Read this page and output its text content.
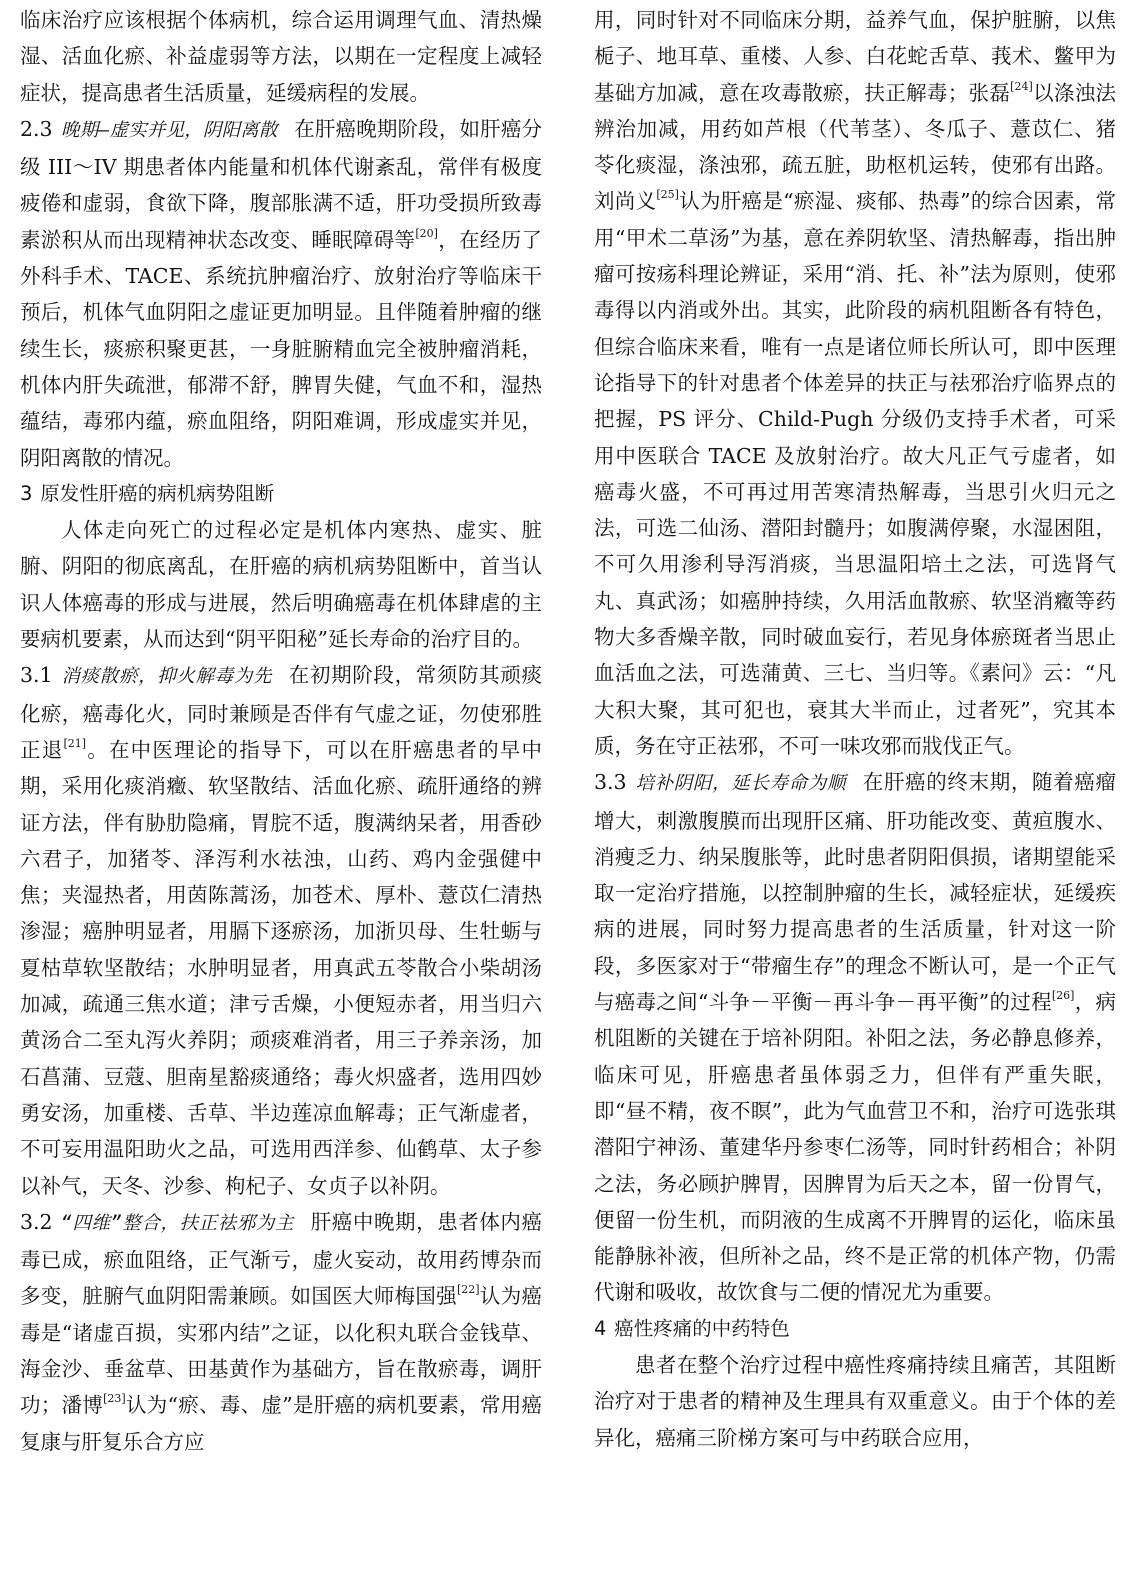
临床治疗应该根据个体病机，综合运用调理气血、清热燥湿、活血化瘀、补益虚弱等方法，以期在一定程度上减轻症状，提高患者生活质量，延缓病程的发展。

2.3 晚期—虚实并见，阴阳离散 在肝癌晚期阶段，如肝癌分级 III～IV 期患者体内能量和机体代谢紊乱，常伴有极度疲倦和虚弱，食欲下降，腹部胀满不适，肝功受损所致毒素淤积从而出现精神状态改变、睡眠障碍等[20]，在经历了外科手术、TACE、系统抗肿瘤治疗、放射治疗等临床干预后，机体气血阴阳之虚证更加明显。且伴随着肿瘤的继续生长，痰瘀积聚更甚，一身脏腑精血完全被肿瘤消耗，机体内肝失疏泄，郁滞不舒，脾胃失健，气血不和，湿热蕴结，毒邪内蕴，瘀血阻络，阴阳难调，形成虚实并见，阴阳离散的情况。

3 原发性肝癌的病机病势阻断

人体走向死亡的过程必定是机体内寒热、虚实、脏腑、阴阳的彻底离乱，在肝癌的病机病势阻断中，首当认识人体癌毒的形成与进展，然后明确癌毒在机体肆虐的主要病机要素，从而达到“阴平阳秘”延长寿命的治疗目的。

3.1 消痰散瘀，抑火解毒为先 在初期阶段，常须防其顽痰化瘀，癌毒化火，同时兼顾是否伴有气虚之证，勿使邪胜正退[21]。在中医理论的指导下，可以在肝癌患者的早中期，采用化痰消癥、软坚散结、活血化瘀、疏肝通络的辨证方法，伴有胁肋隐痛，胃脘不适，腹满纳呆者，用香砂六君子，加猪苓、泽泻利水祛浊，山药、鸡内金强健中焦；夹湿热者，用茵陈蒿汤，加苍术、厚朴、薏苡仁清热渗湿；癌肿明显者，用膈下逐瘀汤，加浙贝母、生牡蛎与夏枯草软坚散结；水肿明显者，用真武五苓散合小柴胡汤加减，疏通三焦水道；津亏舌燥，小便短赤者，用当归六黄汤合二至丸泻火养阴；顽痰难消者，用三子养亲汤，加石菖蒲、豆蔻、胆南星豁痰通络；毒火炽盛者，选用四妙勇安汤，加重楼、舌草、半边莲凉血解毒；正气渐虚者，不可妄用温阳助火之品，可选用西洋参、仙鹤草、太子参以补气，天冬、沙参、枸杞子、女贞子以补阴。

3.2 “四维”整合，扶正祛邪为主 肝癌中晚期，患者体内癌毒已成，瘀血阻络，正气渐亏，虚火妄动，故用药博杂而多变，脏腑气血阴阳需兼顾。如国医大师梅国强[22]认为癌毒是“诸虚百损，实邪内结”之证，以化积丸联合金钱草、海金沙、垂盆草、田基黄作为基础方，旨在散瘀毒，调肝功；潘博[23]认为“瘀、毒、虚”是肝癌的病机要素，常用癌复康与肝复乐合方应

用，同时针对不同临床分期，益养气血，保护脏腑，以焦栀子、地耳草、重楼、人参、白花蛇舌草、莪术、鳖甲为基础方加减，意在攻毒散瘀，扶正解毒；张磊[24]以涤浊法辨治加减，用药如芦根（代苇茎）、冬瓜子、薏苡仁、猪苓化痰湿，涤浊邪，疏五脏，助枢机运转，使邪有出路。刘尚义[25]认为肝癌是“瘀湿、痰郁、热毒”的综合因素，常用“甲术二草汤”为基，意在养阴软坚、清热解毒，指出肿瘤可按疡科理论辨证，采用“消、托、补”法为原则，使邪毒得以内消或外出。其实，此阶段的病机阻断各有特色，但综合临床来看，唯有一点是诸位师长所认可，即中医理论指导下的针对患者个体差异的扶正与祛邪治疗临界点的把握，PS 评分、Child-Pugh 分级仍支持手术者，可采用中医联合 TACE 及放射治疗。故大凡正气亏虚者，如癌毒火盛，不可再过用苦寒清热解毒，当思引火归元之法，可选二仙汤、潜阳封髓丹；如腹满停聚，水湿困阻，不可久用渗利导泻消痰，当思温阳培土之法，可选肾气丸、真武汤；如癌肿持续，久用活血散瘀、软坚消癥等药物大多香燥辛散，同时破血妄行，若见身体瘀斑者当思止血活血之法，可选蒲黄、三七、当归等。《素问》云：“凡大积大聚，其可犯也，衰其大半而止，过者死”，究其本质，务在守正祛邪，不可一味攻邪而戕伐正气。

3.3 培补阴阳，延长寿命为顺 在肝癌的终末期，随着癌瘤增大，刺激腹膜而出现肝区痛、肝功能改变、黄疸腹水、消瘦乏力、纳呆腹胀等，此时患者阴阳俱损，诸期望能采取一定治疗措施，以控制肿瘤的生长，减轻症状，延缓疾病的进展，同时努力提高患者的生活质量，针对这一阶段，多医家对于“带瘤生存”的理念不断认可，是一个正气与癌毒之间“斗争－平衡－再斗争－再平衡”的过程[26]，病机阻断的关键在于培补阴阳。补阳之法，务必静息修养，临床可见，肝癌患者虽体弱乏力，但伴有严重失眠，即“昼不精，夜不瞑”，此为气血营卫不和，治疗可选张琪潜阳宁神汤、董建华丹参枣仁汤等，同时针药相合；补阴之法，务必顾护脾胃，因脾胃为后天之本，留一份胃气，便留一份生机，而阴液的生成离不开脾胃的运化，临床虽能静脉补液，但所补之品，终不是正常的机体产物，仍需代谢和吸收，故饮食与二便的情况尤为重要。

4 癌性疼痛的中药特色

患者在整个治疗过程中癌性疼痛持续且痛苦，其阻断治疗对于患者的精神及生理具有双重意义。由于个体的差异化，癌痛三阶梯方案可与中药联合应用，
